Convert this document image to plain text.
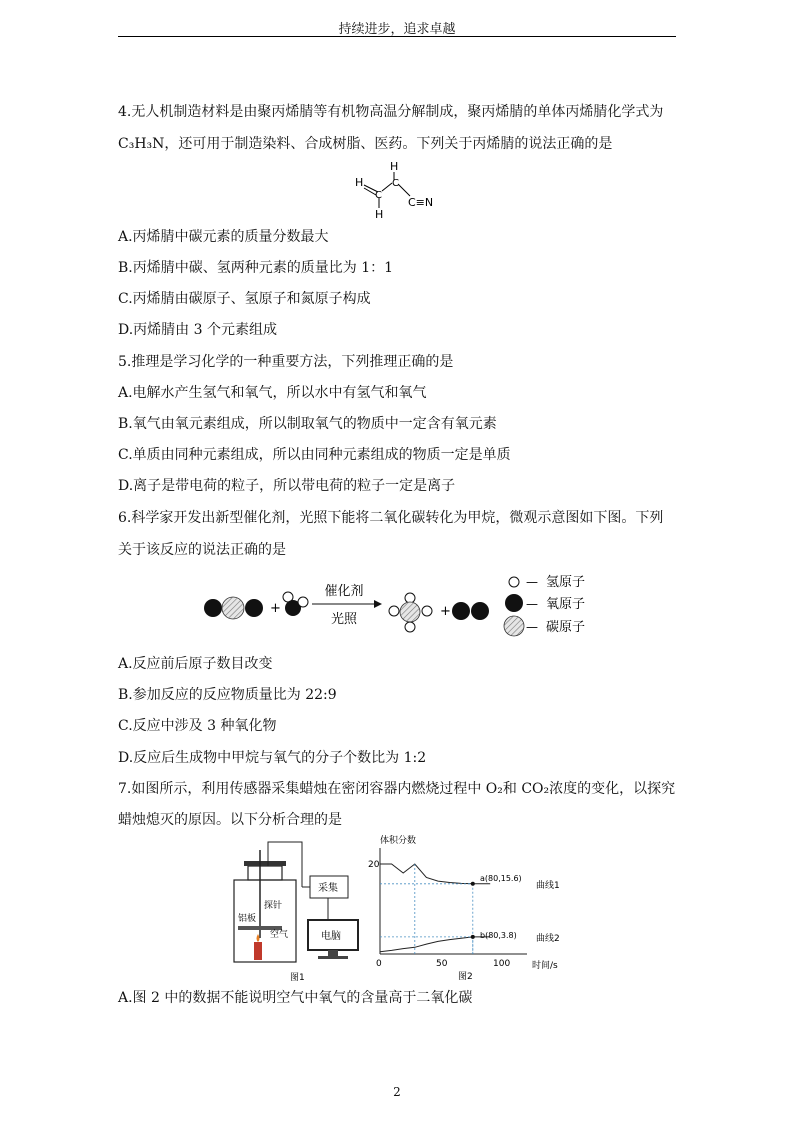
持续进步，追求卓越
4.无人机制造材料是由聚丙烯腈等有机物高温分解制成，聚丙烯腈的单体丙烯腈化学式为
C₃H₃N，还可用于制造染料、合成树脂、医药。下列关于丙烯腈的说法正确的是
H
H
H
C
C
C≡N
A.丙烯腈中碳元素的质量分数最大
B.丙烯腈中碳、氢两种元素的质量比为 1：1
C.丙烯腈由碳原子、氢原子和氮原子构成
D.丙烯腈由 3 个元素组成
5.推理是学习化学的一种重要方法，下列推理正确的是
A.电解水产生氢气和氧气，所以水中有氢气和氧气
B.氧气由氧元素组成，所以制取氧气的物质中一定含有氧元素
C.单质由同种元素组成，所以由同种元素组成的物质一定是单质
D.离子是带电荷的粒子，所以带电荷的粒子一定是离子
6.科学家开发出新型催化剂，光照下能将二氧化碳转化为甲烷，微观示意图如下图。下列
关于该反应的说法正确的是
+
催化剂
光照
+
— 氢原子
— 氧原子
— 碳原子
A.反应前后原子数目改变
B.参加反应的反应物质量比为 22:9
C.反应中涉及 3 种氧化物
D.反应后生成物中甲烷与氧气的分子个数比为 1:2
7.如图所示，利用传感器采集蜡烛在密闭容器内燃烧过程中 O₂和 CO₂浓度的变化，以探究
蜡烛熄灭的原因。以下分析合理的是
铝板
探针
空气
采集
电脑
图1
体积分数
20
0	50	100 时间/s
图2
a(80,15.6)
b(80,3.8)
曲线1
曲线2
A.图 2 中的数据不能说明空气中氧气的含量高于二氧化碳
2
